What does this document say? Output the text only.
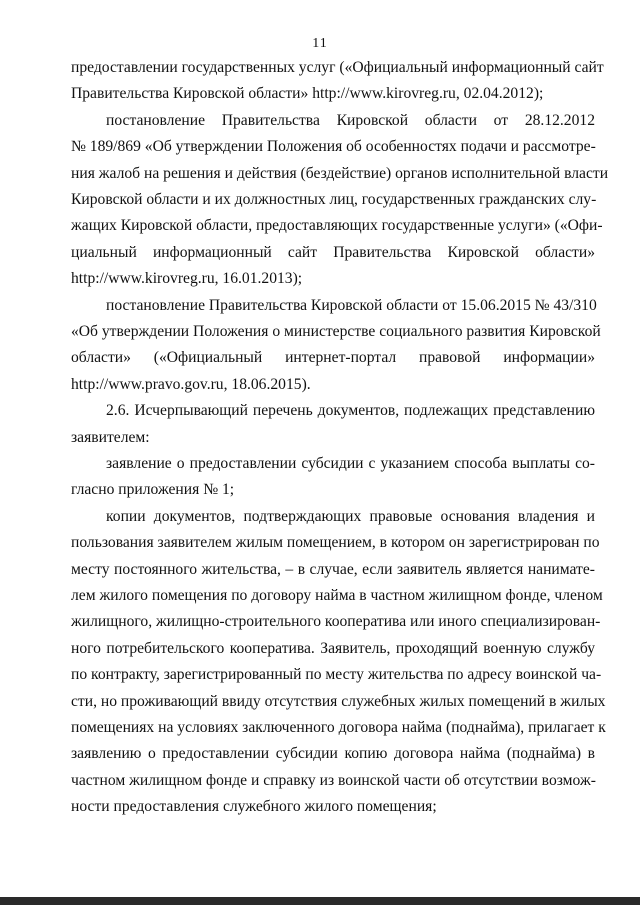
11
предоставлении государственных услуг («Официальный информационный сайт
Правительства Кировской области» http://www.kirovreg.ru, 02.04.2012);
постановление Правительства Кировской области от 28.12.2012
№ 189/869 «Об утверждении Положения об особенностях подачи и рассмотре-
ния жалоб на решения и действия (бездействие) органов исполнительной власти
Кировской области и их должностных лиц, государственных гражданских слу-
жащих Кировской области, предоставляющих государственные услуги» («Офи-
циальный информационный сайт Правительства Кировской области»
http://www.kirovreg.ru, 16.01.2013);
постановление Правительства Кировской области от 15.06.2015 № 43/310
«Об утверждении Положения о министерстве социального развития Кировской
области» («Официальный интернет-портал правовой информации»
http://www.pravo.gov.ru, 18.06.2015).
2.6. Исчерпывающий перечень документов, подлежащих представлению
заявителем:
заявление о предоставлении субсидии с указанием способа выплаты со-
гласно приложения № 1;
копии документов, подтверждающих правовые основания владения и
пользования заявителем жилым помещением, в котором он зарегистрирован по
месту постоянного жительства, – в случае, если заявитель является нанимате-
лем жилого помещения по договору найма в частном жилищном фонде, членом
жилищного, жилищно-строительного кооператива или иного специализирован-
ного потребительского кооператива. Заявитель, проходящий военную службу
по контракту, зарегистрированный по месту жительства по адресу воинской ча-
сти, но проживающий ввиду отсутствия служебных жилых помещений в жилых
помещениях на условиях заключенного договора найма (поднайма), прилагает к
заявлению о предоставлении субсидии копию договора найма (поднайма) в
частном жилищном фонде и справку из воинской части об отсутствии возмож-
ности предоставления служебного жилого помещения;
